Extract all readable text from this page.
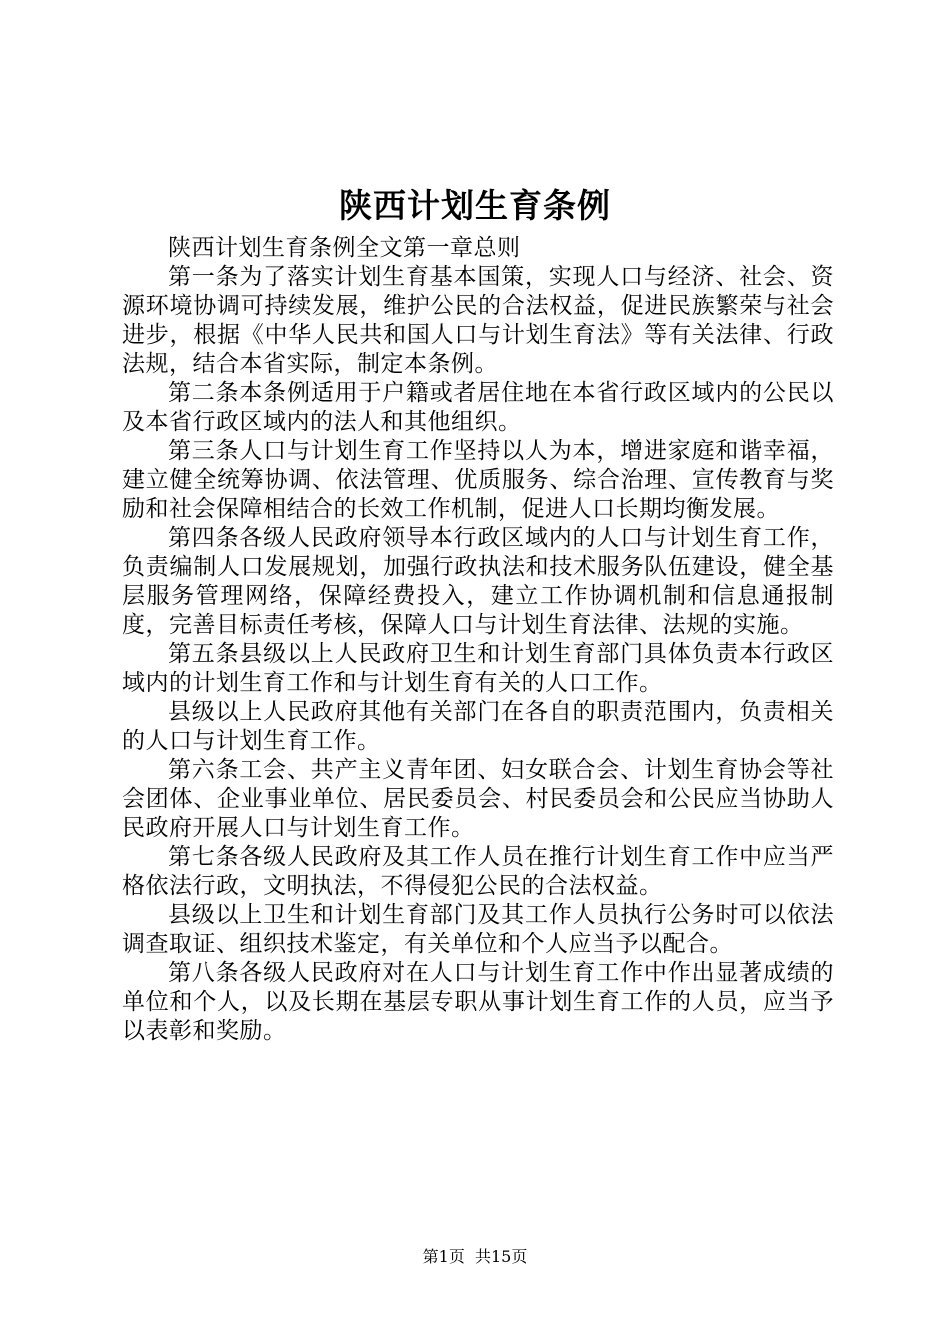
陕西计划生育条例

陕西计划生育条例全文第一章总则

第一条为了落实计划生育基本国策，实现人口与经济、社会、资源环境协调可持续发展，维护公民的合法权益，促进民族繁荣与社会进步，根据《中华人民共和国人口与计划生育法》等有关法律、行政法规，结合本省实际，制定本条例。

第二条本条例适用于户籍或者居住地在本省行政区域内的公民以及本省行政区域内的法人和其他组织。

第三条人口与计划生育工作坚持以人为本，增进家庭和谐幸福，建立健全统筹协调、依法管理、优质服务、综合治理、宣传教育与奖励和社会保障相结合的长效工作机制，促进人口长期均衡发展。

第四条各级人民政府领导本行政区域内的人口与计划生育工作，负责编制人口发展规划，加强行政执法和技术服务队伍建设，健全基层服务管理网络，保障经费投入，建立工作协调机制和信息通报制度，完善目标责任考核，保障人口与计划生育法律、法规的实施。

第五条县级以上人民政府卫生和计划生育部门具体负责本行政区域内的计划生育工作和与计划生育有关的人口工作。

县级以上人民政府其他有关部门在各自的职责范围内，负责相关的人口与计划生育工作。

第六条工会、共产主义青年团、妇女联合会、计划生育协会等社会团体、企业事业单位、居民委员会、村民委员会和公民应当协助人民政府开展人口与计划生育工作。

第七条各级人民政府及其工作人员在推行计划生育工作中应当严格依法行政，文明执法，不得侵犯公民的合法权益。

县级以上卫生和计划生育部门及其工作人员执行公务时可以依法调查取证、组织技术鉴定，有关单位和个人应当予以配合。

第八条各级人民政府对在人口与计划生育工作中作出显著成绩的单位和个人，以及长期在基层专职从事计划生育工作的人员，应当予以表彰和奖励。

第1页  共15页
